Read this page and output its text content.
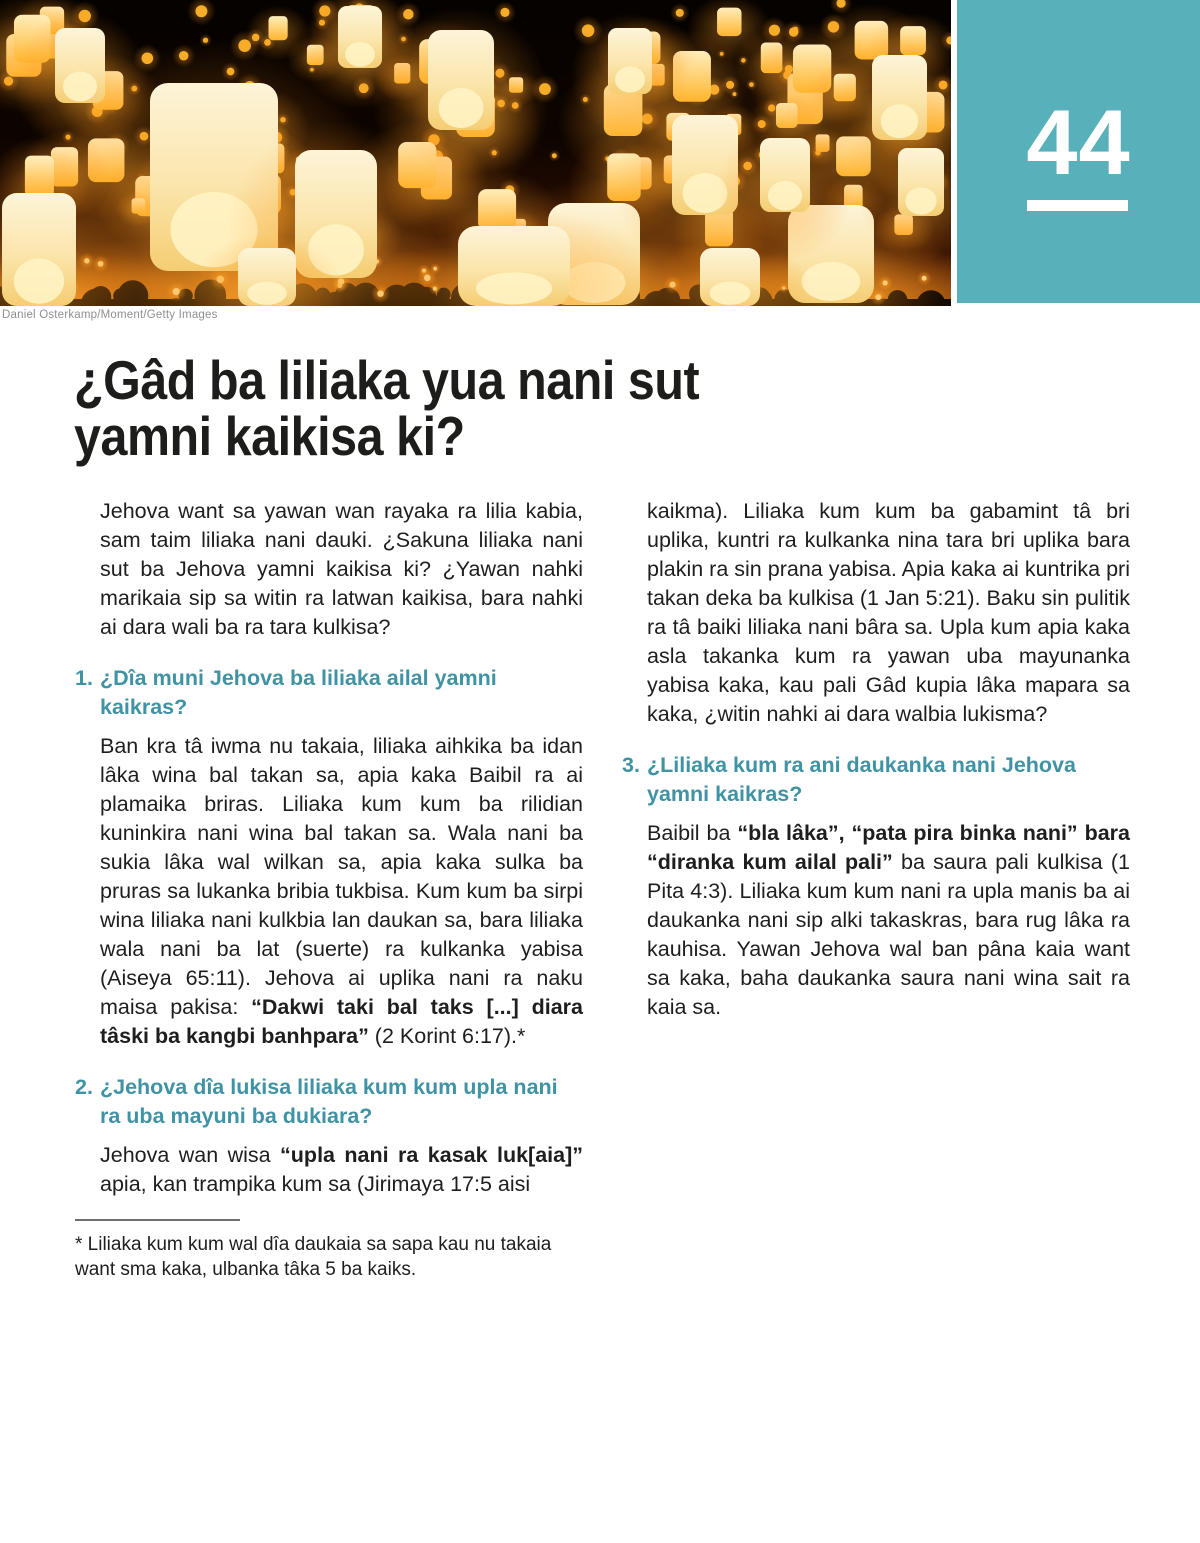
44
Daniel Osterkamp/Moment/Getty Images
¿Gâd ba liliaka yua nani sut
yamni kaikisa ki?

Jehova want sa yawan wan rayaka ra lilia kabia, sam taim liliaka nani dauki. ¿Sakuna liliaka nani sut ba Jehova yamni kaikisa ki? ¿Yawan nahki marikaia sip sa witin ra latwan kaikisa, bara nahki ai dara wali ba ra tara kulkisa?

1. ¿Dîa muni Jehova ba liliaka ailal yamni kaikras?

Ban kra tâ iwma nu takaia, liliaka aihkika ba idan lâka wina bal takan sa, apia kaka Baibil ra ai plamaika briras. Liliaka kum kum ba rilidian kuninkira nani wina bal takan sa. Wala nani ba sukia lâka wal wilkan sa, apia kaka sulka ba pruras sa lukanka bribia tukbisa. Kum kum ba sirpi wina liliaka nani kulkbia lan daukan sa, bara liliaka wala nani ba lat (suerte) ra kulkanka yabisa (Aiseya 65:11). Jehova ai uplika nani ra naku maisa pakisa: “Dakwi taki bal taks [...] diara tâski ba kangbi banhpara” (2 Korint 6:17).*

2. ¿Jehova dîa lukisa liliaka kum kum upla nani ra uba mayuni ba dukiara?

Jehova wan wisa “upla nani ra kasak luk[aia]” apia, kan trampika kum sa (Jirimaya 17:5 aisi

* Liliaka kum kum wal dîa daukaia sa sapa kau nu takaia want sma kaka, ulbanka tâka 5 ba kaiks.

kaikma). Liliaka kum kum ba gabamint tâ bri uplika, kuntri ra kulkanka nina tara bri uplika bara plakin ra sin prana yabisa. Apia kaka ai kuntrika pri takan deka ba kulkisa (1 Jan 5:21). Baku sin pulitik ra tâ baiki liliaka nani bâra sa. Upla kum apia kaka asla takanka kum ra yawan uba mayunanka yabisa kaka, kau pali Gâd kupia lâka mapara sa kaka, ¿witin nahki ai dara walbia lukisma?

3. ¿Liliaka kum ra ani daukanka nani Jehova yamni kaikras?

Baibil ba “bla lâka”, “pata pira binka nani” bara “diranka kum ailal pali” ba saura pali kulkisa (1 Pita 4:3). Liliaka kum kum nani ra upla manis ba ai daukanka nani sip alki takaskras, bara rug lâka ra kauhisa. Yawan Jehova wal ban pâna kaia want sa kaka, baha daukanka saura nani wina sait ra kaia sa.
